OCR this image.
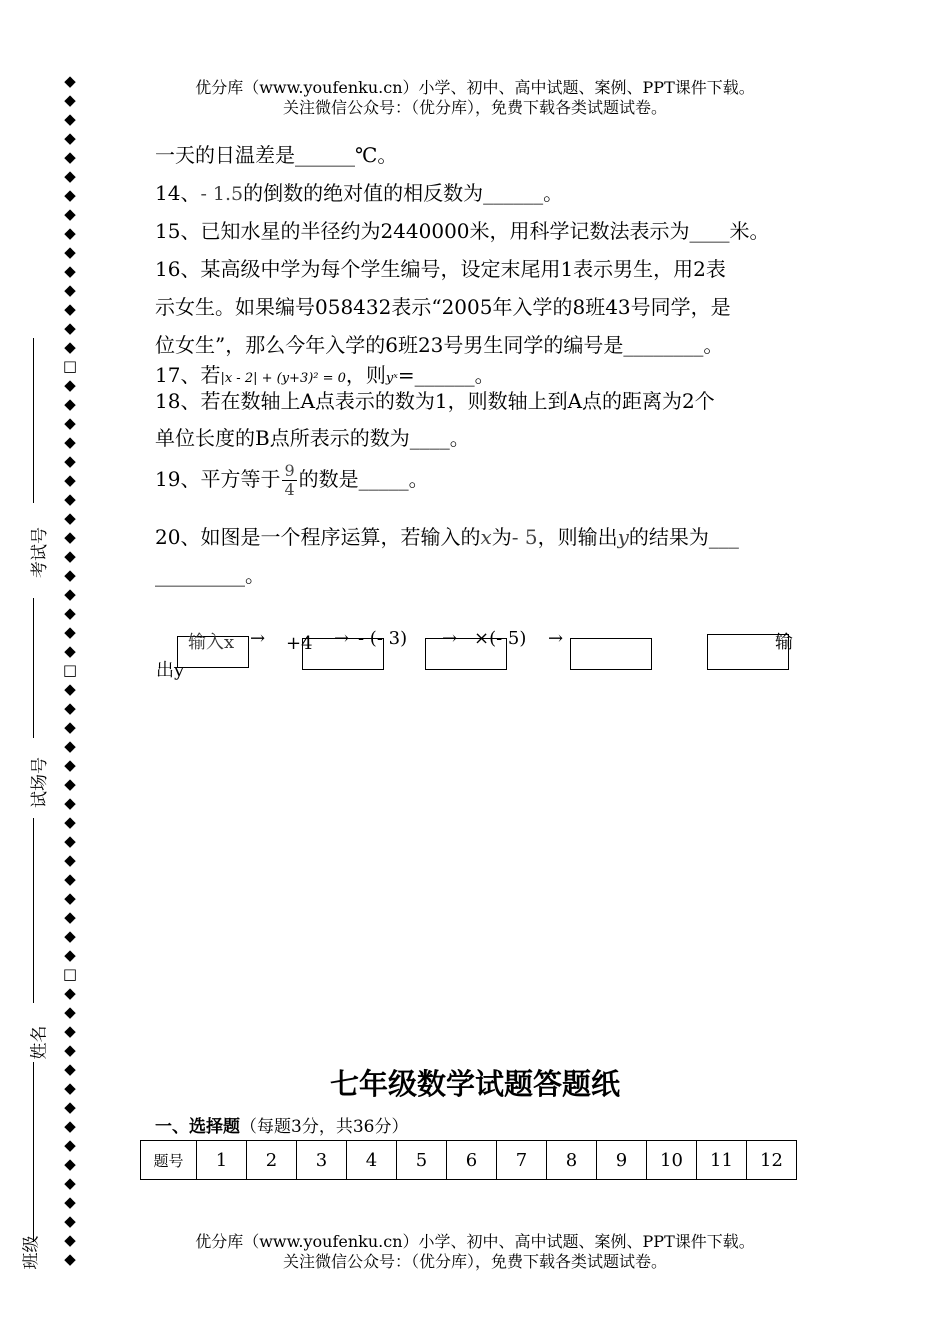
优分库（www.youfenku.cn）小学、初中、高中试题、案例、PPT课件下载。
关注微信公众号：（优分库），免费下载各类试题试卷。
◆◆◆◆◆◆◆◆◆◆◆◆◆◆◆□◆◆◆◆◆◆◆◆◆◆◆◆◆◆◆□◆◆◆◆◆◆◆◆◆◆◆◆◆◆◆□◆◆◆◆◆◆◆◆◆◆◆◆◆◆◆
考试号
试场号
姓名
班级
一天的日温差是______℃。
14、- 1.5的倒数的绝对值的相反数为______。
15、已知水星的半径约为2440000米，用科学记数法表示为____米。
16、某高级中学为每个学生编号，设定末尾用1表示男生，用2表
示女生。如果编号058432表示“2005年入学的8班43号同学，是
位女生”，那么今年入学的6班23号男生同学的编号是________。
17、若|x - 2| + (y+3)² = 0，则yˣ=______。
18、若在数轴上A点表示的数为1，则数轴上到A点的距离为2个
单位长度的B点所表示的数为____。
19、平方等于 $\frac{9}{4}$ 的数是_____。
20、如图是一个程序运算，若输入的x为- 5，则输出y的结果为___
_________。
输入x → +4 → - (- 3) → ×(- 5) →	输
出y
七年级数学试题答题纸
一、选择题（每题3分，共36分）
题号	1	2	3	4	5	6	7	8	9	10	11	12
优分库（www.youfenku.cn）小学、初中、高中试题、案例、PPT课件下载。
关注微信公众号：（优分库），免费下载各类试题试卷。
